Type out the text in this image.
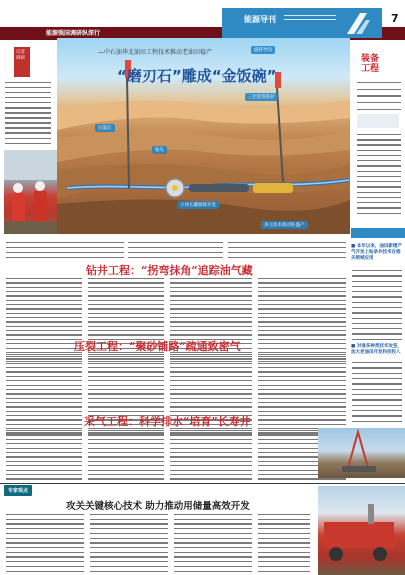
能源强国调研纵深行
能源导刊	7
记者 调研
—中石油华北油田工程技术推动老油田稳产
“磨刃石”雕成“金饭碗”
旋转导向
三层套管防护
压裂后
钻头
立体长藏勘探开发
多元技术推动旺盛产
装备工程
钻井工程：“拐弯抹角”追踪油气藏
压裂工程：“聚砂铺路”疏通致密气
采气工程：科学排水“培育”长寿井
■ 本年以来，油田新增产气开发上钻录井技术在相关领域应用
■ 对准多种类技术攻坚，加大老油田开发科技投入
专家观点
攻关关键核心技术 助力推动用储量高效开发
